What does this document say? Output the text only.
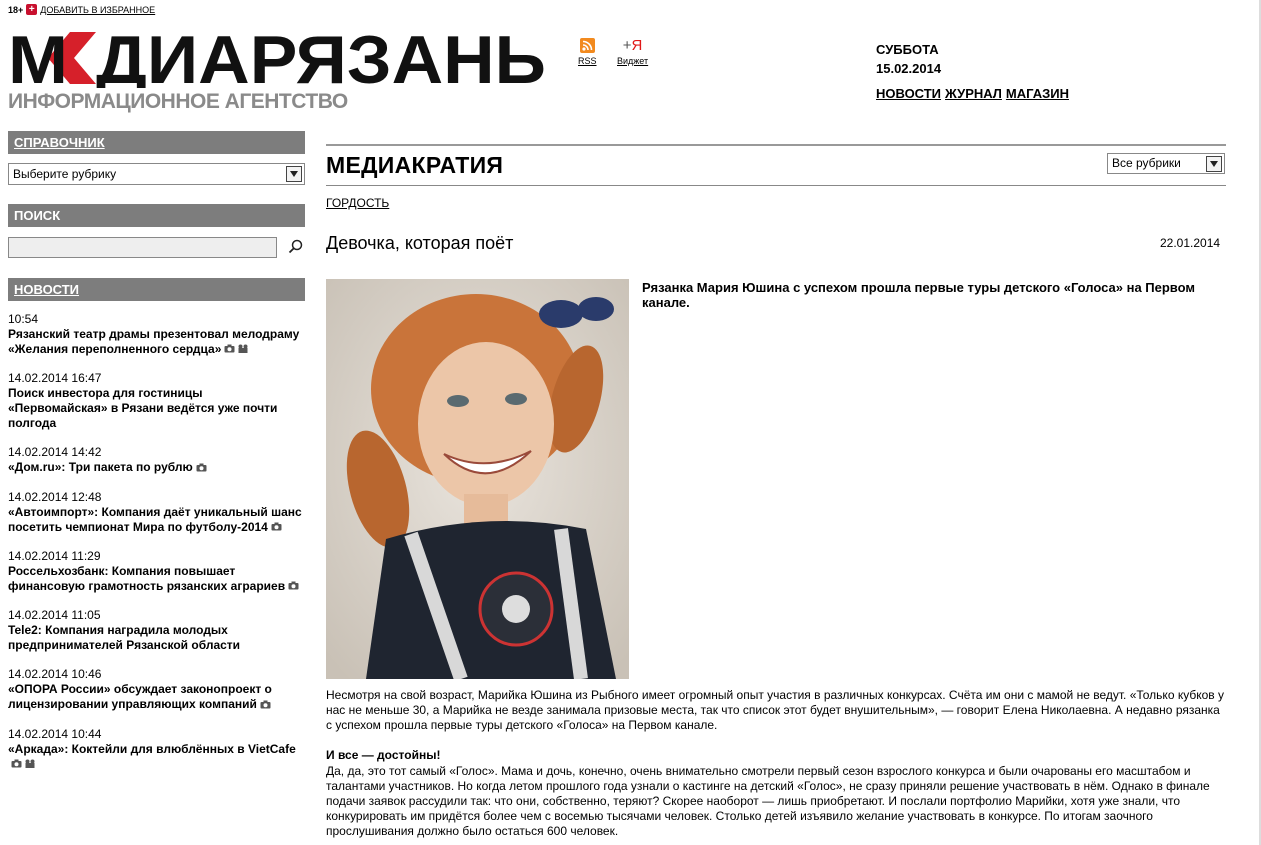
18+ + ДОБАВИТЬ В ИЗБРАННОЕ
М ДИАРЯЗАНЬ
ИНФОРМАЦИОННОЕ АГЕНТСТВО
RSS
+Я
Виджет
СУББОТА
15.02.2014
НОВОСТИ ЖУРНАЛ МАГАЗИН
СПРАВОЧНИК
Выберите рубрику
ПОИСК
НОВОСТИ
10:54
Рязанский театр драмы презентовал мелодраму «Желания переполненного сердца»
14.02.2014 16:47
Поиск инвестора для гостиницы «Первомайская» в Рязани ведётся уже почти полгода
14.02.2014 14:42
«Дом.ru»: Три пакета по рублю
14.02.2014 12:48
«Автоимпорт»: Компания даёт уникальный шанс посетить чемпионат Мира по футболу-2014
14.02.2014 11:29
Россельхозбанк: Компания повышает финансовую грамотность рязанских аграриев
14.02.2014 11:05
Tele2: Компания наградила молодых предпринимателей Рязанской области
14.02.2014 10:46
«ОПОРА России» обсуждает законопроект о лицензировании управляющих компаний
14.02.2014 10:44
«Аркада»: Коктейли для влюблённых в VietCafe
МЕДИАКРАТИЯ	Все рубрики
ГОРДОСТЬ
Девочка, которая поёт	22.01.2014
Рязанка Мария Юшина с успехом прошла первые туры детского «Голоса» на Первом канале.
Несмотря на свой возраст, Марийка Юшина из Рыбного имеет огромный опыт участия в различных конкурсах. Счёта им они с мамой не ведут. «Только кубков у нас не меньше 30, а Марийка не везде занимала призовые места, так что список этот будет внушительным», — говорит Елена Николаевна. А недавно рязанка с успехом прошла первые туры детского «Голоса» на Первом канале.
И все — достойны!
Да, да, это тот самый «Голос». Мама и дочь, конечно, очень внимательно смотрели первый сезон взрослого конкурса и были очарованы его масштабом и талантами участников. Но когда летом прошлого года узнали о кастинге на детский «Голос», не сразу приняли решение участвовать в нём. Однако в финале подачи заявок рассудили так: что они, собственно, теряют? Скорее наоборот — лишь приобретают. И послали портфолио Марийки, хотя уже знали, что конкурировать им придётся более чем с восемью тысячами человек. Столько детей изъявило желание участвовать в конкурсе. По итогам заочного прослушивания должно было остаться 600 человек.
